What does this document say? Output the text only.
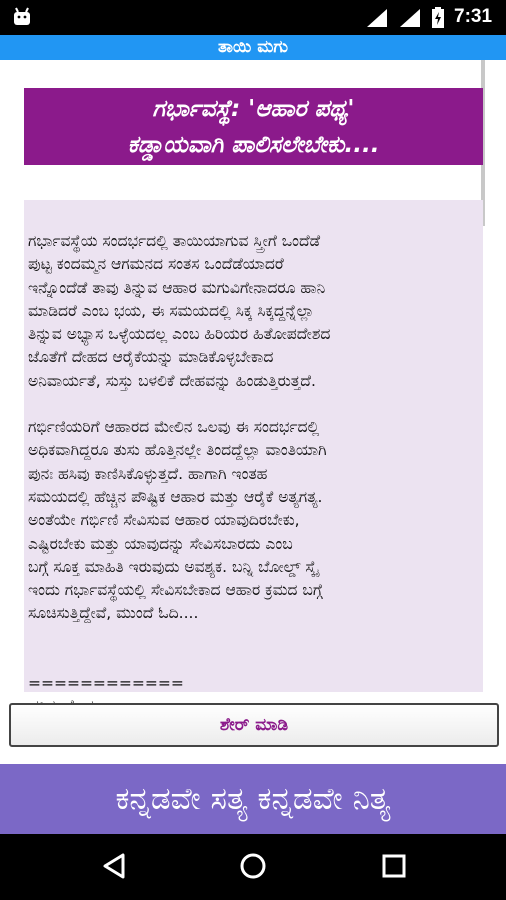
7:31
ತಾಯಿ ಮಗು
ಗರ್ಭಾವಸ್ಥೆ: 'ಆಹಾರ ಪಥ್ಯ'
ಕಡ್ಡಾಯವಾಗಿ ಪಾಲಿಸಲೇಬೇಕು....

ಗರ್ಭಾವಸ್ಥೆಯ ಸಂದರ್ಭದಲ್ಲಿ ತಾಯಿಯಾಗುವ ಸ್ತ್ರೀಗೆ ಒಂದೆಡೆ
ಪುಟ್ಟ ಕಂದಮ್ಮನ ಆಗಮನದ ಸಂತಸ ಒಂದೆಡೆಯಾದರೆ
ಇನ್ನೊಂದೆಡೆ ತಾವು ತಿನ್ನುವ ಆಹಾರ ಮಗುವಿಗೇನಾದರೂ ಹಾನಿ
ಮಾಡಿದರೆ ಎಂಬ ಭಯ, ಈ ಸಮಯದಲ್ಲಿ ಸಿಕ್ಕ ಸಿಕ್ಕದ್ದನ್ನೆಲ್ಲಾ
ತಿನ್ನುವ ಅಭ್ಯಾಸ ಒಳ್ಳೆಯದಲ್ಲ ಎಂಬ ಹಿರಿಯರ ಹಿತೋಪದೇಶದ
ಜೊತೆಗೆ ದೇಹದ ಆರೈಕೆಯನ್ನು ಮಾಡಿಕೊಳ್ಳಬೇಕಾದ
ಅನಿವಾರ್ಯತೆ, ಸುಸ್ತು ಬಳಲಿಕೆ ದೇಹವನ್ನು ಹಿಂಡುತ್ತಿರುತ್ತದೆ.

ಗರ್ಭಿಣಿಯರಿಗೆ ಆಹಾರದ ಮೇಲಿನ ಒಲವು ಈ ಸಂದರ್ಭದಲ್ಲಿ
ಅಧಿಕವಾಗಿದ್ದರೂ ತುಸು ಹೊತ್ತಿನಲ್ಲೇ ತಿಂದದ್ದೆಲ್ಲಾ ವಾಂತಿಯಾಗಿ
ಪುನಃ ಹಸಿವು ಕಾಣಿಸಿಕೊಳ್ಳುತ್ತದೆ. ಹಾಗಾಗಿ ಇಂತಹ
ಸಮಯದಲ್ಲಿ ಹೆಚ್ಚಿನ ಪೌಷ್ಟಿಕ ಆಹಾರ ಮತ್ತು ಆರೈಕೆ ಅತ್ಯಗತ್ಯ.
ಅಂತೆಯೇ ಗರ್ಭಿಣಿ ಸೇವಿಸುವ ಆಹಾರ ಯಾವುದಿರಬೇಕು,
ಎಷ್ಟಿರಬೇಕು ಮತ್ತು ಯಾವುದನ್ನು ಸೇವಿಸಬಾರದು ಎಂಬ
ಬಗ್ಗೆ ಸೂಕ್ತ ಮಾಹಿತಿ ಇರುವುದು ಅವಶ್ಯಕ. ಬನ್ನಿ ಬೋಲ್ಡ್ ಸ್ಕೈ
ಇಂದು ಗರ್ಭಾವಸ್ಥೆಯಲ್ಲಿ ಸೇವಿಸಬೇಕಾದ ಆಹಾರ ಕ್ರಮದ ಬಗ್ಗೆ
ಸೂಚಿಸುತ್ತಿದ್ದೇವೆ, ಮುಂದೆ ಓದಿ....

============

ಶೇರ್ ಮಾಡಿ
ಕನ್ನಡವೇ ಸತ್ಯ ಕನ್ನಡವೇ ನಿತ್ಯ
